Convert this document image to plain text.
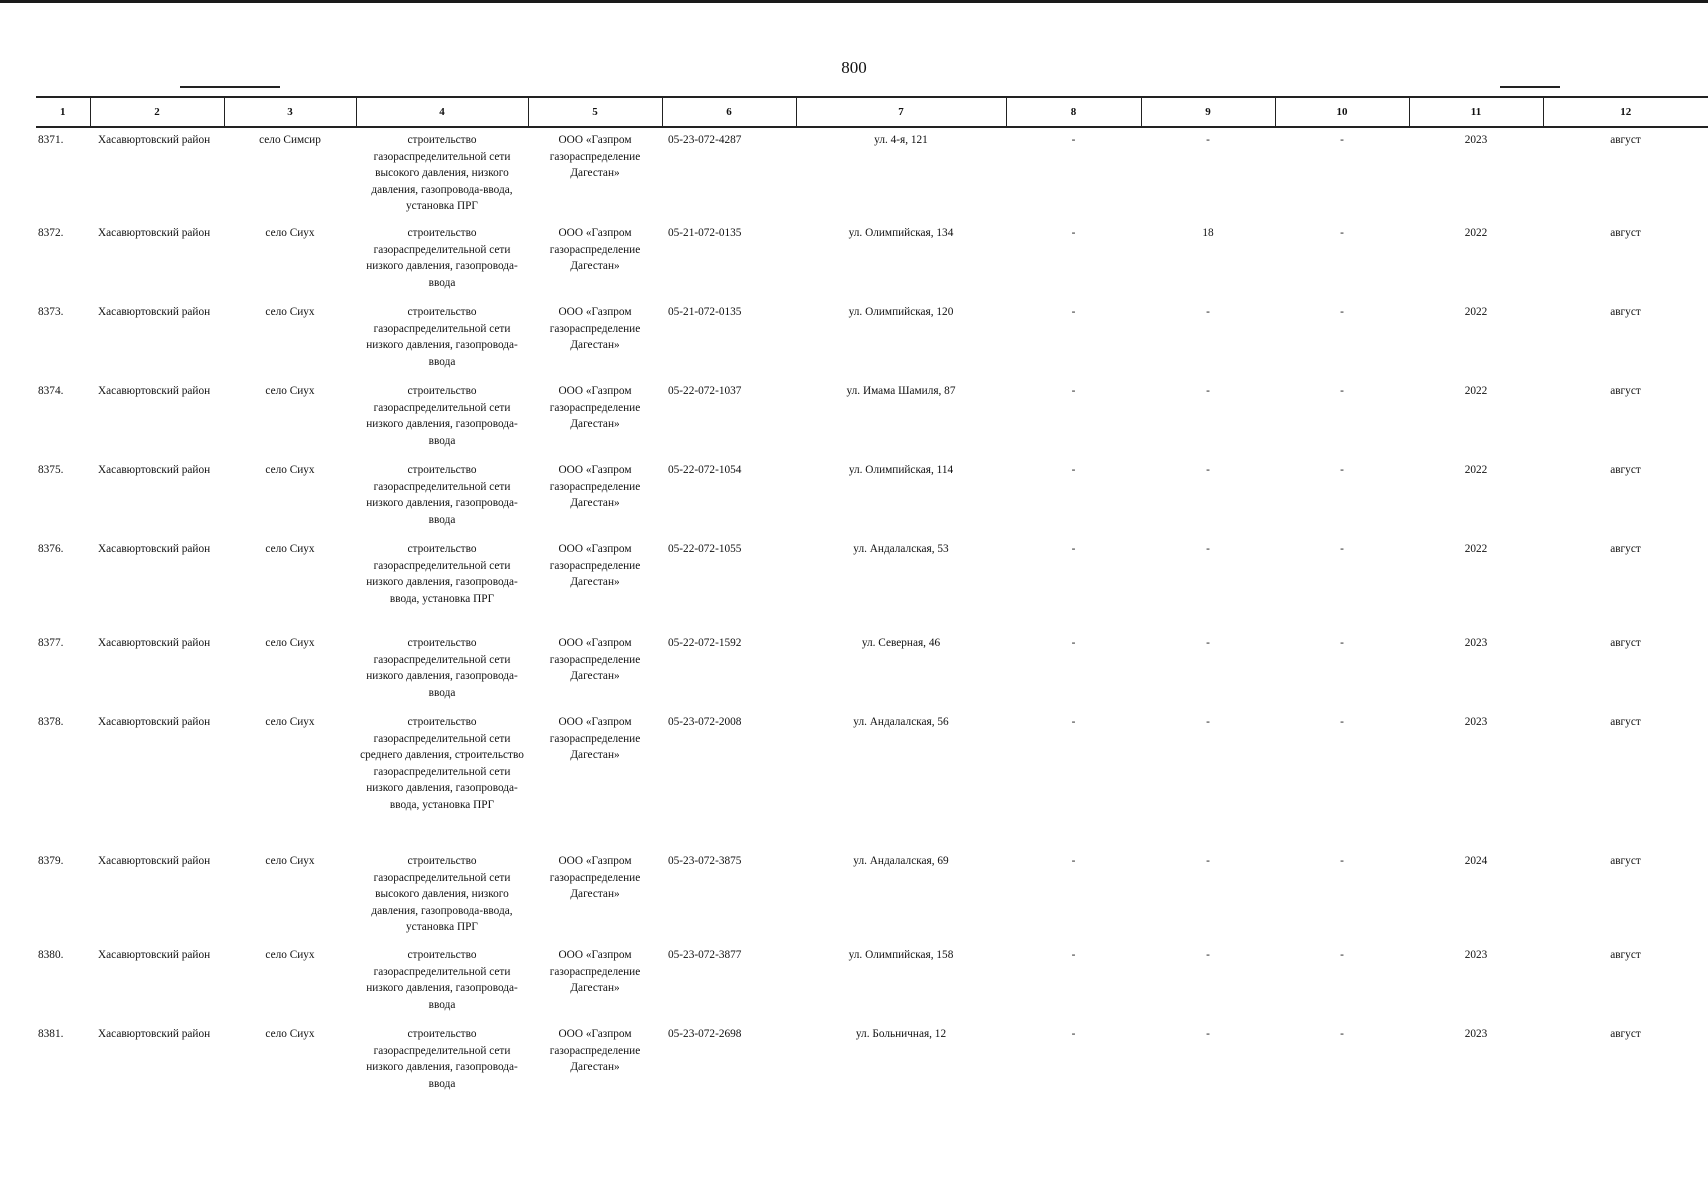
800
1	2	3	4	5	6	7	8	9	10	11	12
8371.	Хасавюртовский район	село Симсир	строительство газораспределительной сети высокого давления, низкого давления, газопровода-ввода, установка ПРГ	ООО «Газпром газораспределение Дагестан»	05-23-072-4287	ул. 4-я, 121	-	-	-	2023	август
8372.	Хасавюртовский район	село Сиух	строительство газораспределительной сети низкого давления, газопровода-ввода	ООО «Газпром газораспределение Дагестан»	05-21-072-0135	ул. Олимпийская, 134	-	18	-	2022	август
8373.	Хасавюртовский район	село Сиух	строительство газораспределительной сети низкого давления, газопровода-ввода	ООО «Газпром газораспределение Дагестан»	05-21-072-0135	ул. Олимпийская, 120	-	-	-	2022	август
8374.	Хасавюртовский район	село Сиух	строительство газораспределительной сети низкого давления, газопровода-ввода	ООО «Газпром газораспределение Дагестан»	05-22-072-1037	ул. Имама Шамиля, 87	-	-	-	2022	август
8375.	Хасавюртовский район	село Сиух	строительство газораспределительной сети низкого давления, газопровода-ввода	ООО «Газпром газораспределение Дагестан»	05-22-072-1054	ул. Олимпийская, 114	-	-	-	2022	август
8376.	Хасавюртовский район	село Сиух	строительство газораспределительной сети низкого давления, газопровода-ввода, установка ПРГ	ООО «Газпром газораспределение Дагестан»	05-22-072-1055	ул. Андалалская, 53	-	-	-	2022	август
8377.	Хасавюртовский район	село Сиух	строительство газораспределительной сети низкого давления, газопровода-ввода	ООО «Газпром газораспределение Дагестан»	05-22-072-1592	ул. Северная, 46	-	-	-	2023	август
8378.	Хасавюртовский район	село Сиух	строительство газораспределительной сети среднего давления, строительство газораспределительной сети низкого давления, газопровода-ввода, установка ПРГ	ООО «Газпром газораспределение Дагестан»	05-23-072-2008	ул. Андалалская, 56	-	-	-	2023	август
8379.	Хасавюртовский район	село Сиух	строительство газораспределительной сети высокого давления, низкого давления, газопровода-ввода, установка ПРГ	ООО «Газпром газораспределение Дагестан»	05-23-072-3875	ул. Андалалская, 69	-	-	-	2024	август
8380.	Хасавюртовский район	село Сиух	строительство газораспределительной сети низкого давления, газопровода-ввода	ООО «Газпром газораспределение Дагестан»	05-23-072-3877	ул. Олимпийская, 158	-	-	-	2023	август
8381.	Хасавюртовский район	село Сиух	строительство газораспределительной сети низкого давления, газопровода-ввода	ООО «Газпром газораспределение Дагестан»	05-23-072-2698	ул. Больничная, 12	-	-	-	2023	август
